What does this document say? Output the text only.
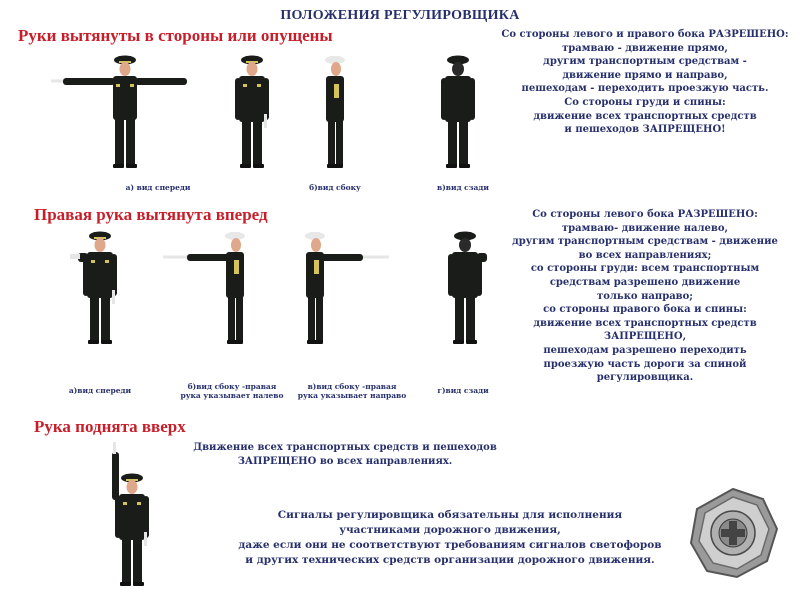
ПОЛОЖЕНИЯ РЕГУЛИРОВЩИКА
Руки вытянуты в стороны или опущены
а) вид спереди	б)вид сбоку	в)вид сзади
Со стороны левого и правого бока РАЗРЕШЕНО:
трамваю - движение прямо,
другим транспортным средствам -
движение прямо и направо,
пешеходам - переходить проезжую часть.
Со стороны груди и спины:
движение всех транспортных средств
и пешеходов ЗАПРЕЩЕНО!
Правая рука вытянута вперед
а)вид спереди	б)вид сбоку -правая
рука указывает налево
в)вид сбоку -правая
рука указывает направо
г)вид сзади
Со стороны левого бока РАЗРЕШЕНО:
трамваю- движение налево,
другим транспортным средствам - движение
во всех направлениях;
со стороны груди: всем транспортным
средствам разрешено движение
только направо;
со стороны правого бока и спины:
движение всех транспортных средств
ЗАПРЕЩЕНО,
пешеходам разрешено переходить
проезжую часть дороги за спиной
регулировщика.
Рука поднята вверх
Движение всех транспортных средств и пешеходов
ЗАПРЕЩЕНО во всех направлениях.
Сигналы регулировщика обязательны для исполнения
участниками дорожного движения,
даже если они не соответствуют требованиям сигналов светофоров
и других технических средств организации дорожного движения.
